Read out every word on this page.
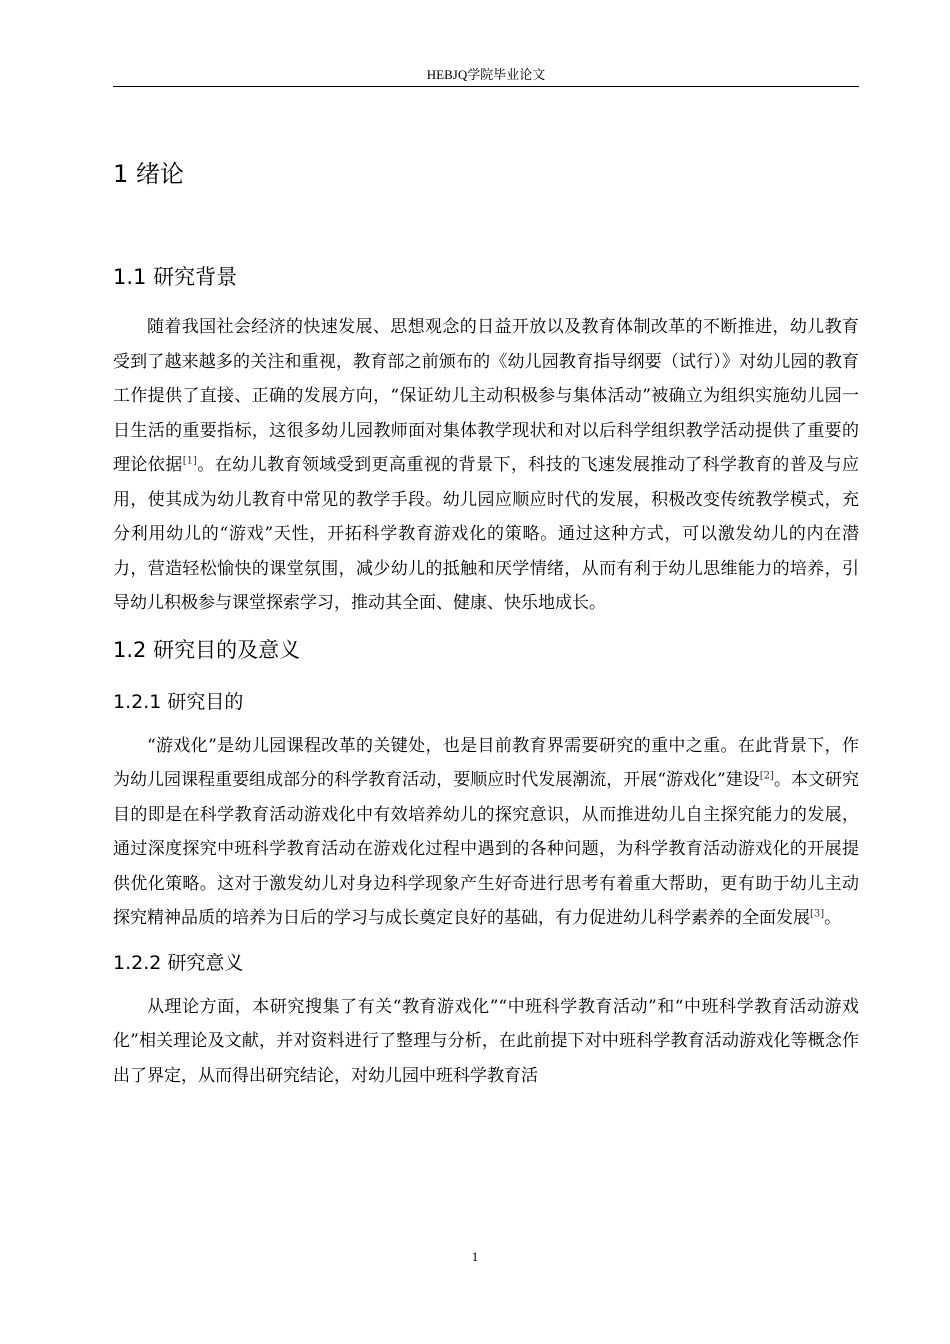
HEBJQ学院毕业论文
1 绪论
1.1 研究背景

随着我国社会经济的快速发展、思想观念的日益开放以及教育体制改革的不断推进，幼儿教育受到了越来越多的关注和重视，教育部之前颁布的《幼儿园教育指导纲要（试行）》对幼儿园的教育工作提供了直接、正确的发展方向，“保证幼儿主动积极参与集体活动”被确立为组织实施幼儿园一日生活的重要指标，这很多幼儿园教师面对集体教学现状和对以后科学组织教学活动提供了重要的理论依据[1]。在幼儿教育领域受到更高重视的背景下，科技的飞速发展推动了科学教育的普及与应用，使其成为幼儿教育中常见的教学手段。幼儿园应顺应时代的发展，积极改变传统教学模式，充分利用幼儿的“游戏”天性，开拓科学教育游戏化的策略。通过这种方式，可以激发幼儿的内在潜力，营造轻松愉快的课堂氛围，减少幼儿的抵触和厌学情绪，从而有利于幼儿思维能力的培养，引导幼儿积极参与课堂探索学习，推动其全面、健康、快乐地成长。

1.2 研究目的及意义
1.2.1 研究目的

“游戏化”是幼儿园课程改革的关键处，也是目前教育界需要研究的重中之重。在此背景下，作为幼儿园课程重要组成部分的科学教育活动，要顺应时代发展潮流，开展“游戏化”建设[2]。本文研究目的即是在科学教育活动游戏化中有效培养幼儿的探究意识，从而推进幼儿自主探究能力的发展，通过深度探究中班科学教育活动在游戏化过程中遇到的各种问题，为科学教育活动游戏化的开展提供优化策略。这对于激发幼儿对身边科学现象产生好奇进行思考有着重大帮助，更有助于幼儿主动探究精神品质的培养为日后的学习与成长奠定良好的基础，有力促进幼儿科学素养的全面发展[3]。

1.2.2 研究意义

从理论方面，本研究搜集了有关“教育游戏化”“中班科学教育活动”和“中班科学教育活动游戏化”相关理论及文献，并对资料进行了整理与分析，在此前提下对中班科学教育活动游戏化等概念作出了界定，从而得出研究结论，对幼儿园中班科学教育活

1
